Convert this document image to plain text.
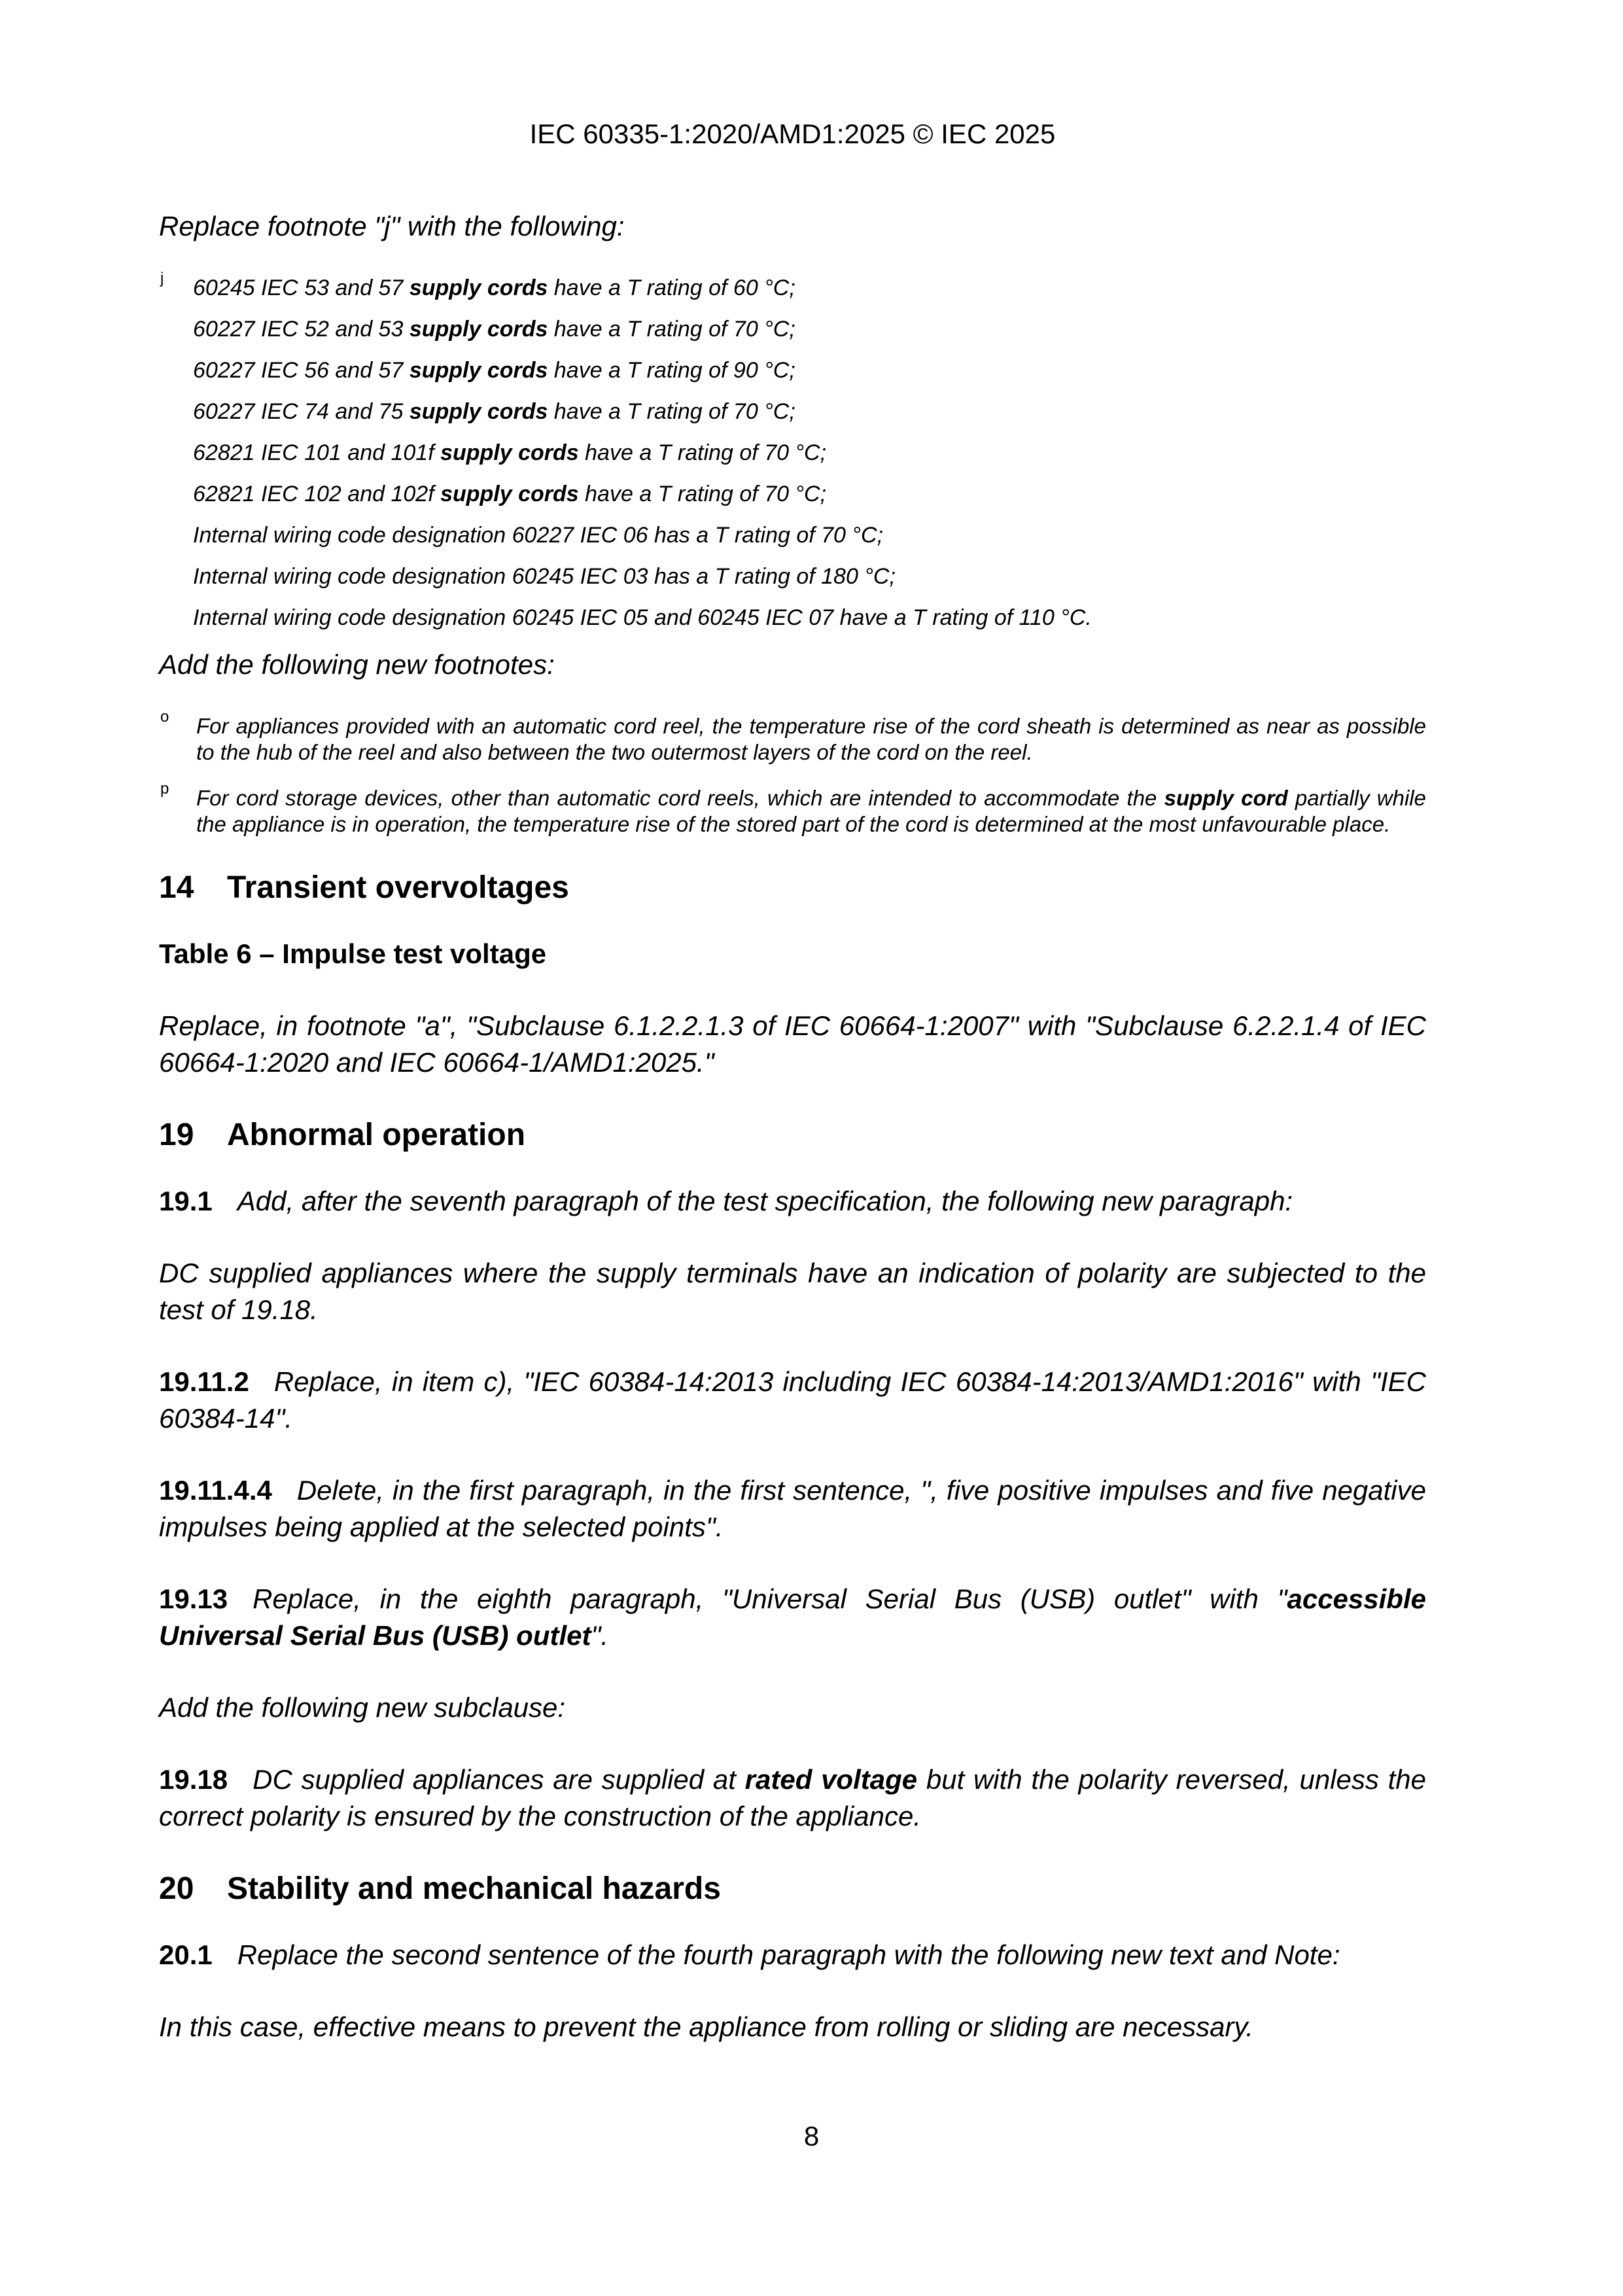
IEC 60335-1:2020/AMD1:2025 © IEC 2025

Replace footnote "j" with the following:

j 60245 IEC 53 and 57 supply cords have a T rating of 60 °C;

60227 IEC 52 and 53 supply cords have a T rating of 70 °C;

60227 IEC 56 and 57 supply cords have a T rating of 90 °C;

60227 IEC 74 and 75 supply cords have a T rating of 70 °C;

62821 IEC 101 and 101f supply cords have a T rating of 70 °C;

62821 IEC 102 and 102f supply cords have a T rating of 70 °C;

Internal wiring code designation 60227 IEC 06 has a T rating of 70 °C;

Internal wiring code designation 60245 IEC 03 has a T rating of 180 °C;

Internal wiring code designation 60245 IEC 05 and 60245 IEC 07 have a T rating of 110 °C.

Add the following new footnotes:

o For appliances provided with an automatic cord reel, the temperature rise of the cord sheath is determined as near as possible to the hub of the reel and also between the two outermost layers of the cord on the reel.
p For cord storage devices, other than automatic cord reels, which are intended to accommodate the supply cord partially while the appliance is in operation, the temperature rise of the stored part of the cord is determined at the most unfavourable place.
14 Transient overvoltages

Table 6 – Impulse test voltage

Replace, in footnote "a", "Subclause 6.1.2.2.1.3 of IEC 60664-1:2007" with "Subclause 6.2.2.1.4 of IEC 60664-1:2020 and IEC 60664-1/AMD1:2025."

19 Abnormal operation

19.1 Add, after the seventh paragraph of the test specification, the following new paragraph:

DC supplied appliances where the supply terminals have an indication of polarity are subjected to the test of 19.18.

19.11.2 Replace, in item c), "IEC 60384-14:2013 including IEC 60384-14:2013/AMD1:2016" with "IEC 60384-14".

19.11.4.4 Delete, in the first paragraph, in the first sentence, ", five positive impulses and five negative impulses being applied at the selected points".

19.13 Replace, in the eighth paragraph, "Universal Serial Bus (USB) outlet" with "accessible Universal Serial Bus (USB) outlet".

Add the following new subclause:

19.18 DC supplied appliances are supplied at rated voltage but with the polarity reversed, unless the correct polarity is ensured by the construction of the appliance.

20 Stability and mechanical hazards

20.1 Replace the second sentence of the fourth paragraph with the following new text and Note:

In this case, effective means to prevent the appliance from rolling or sliding are necessary.

8
